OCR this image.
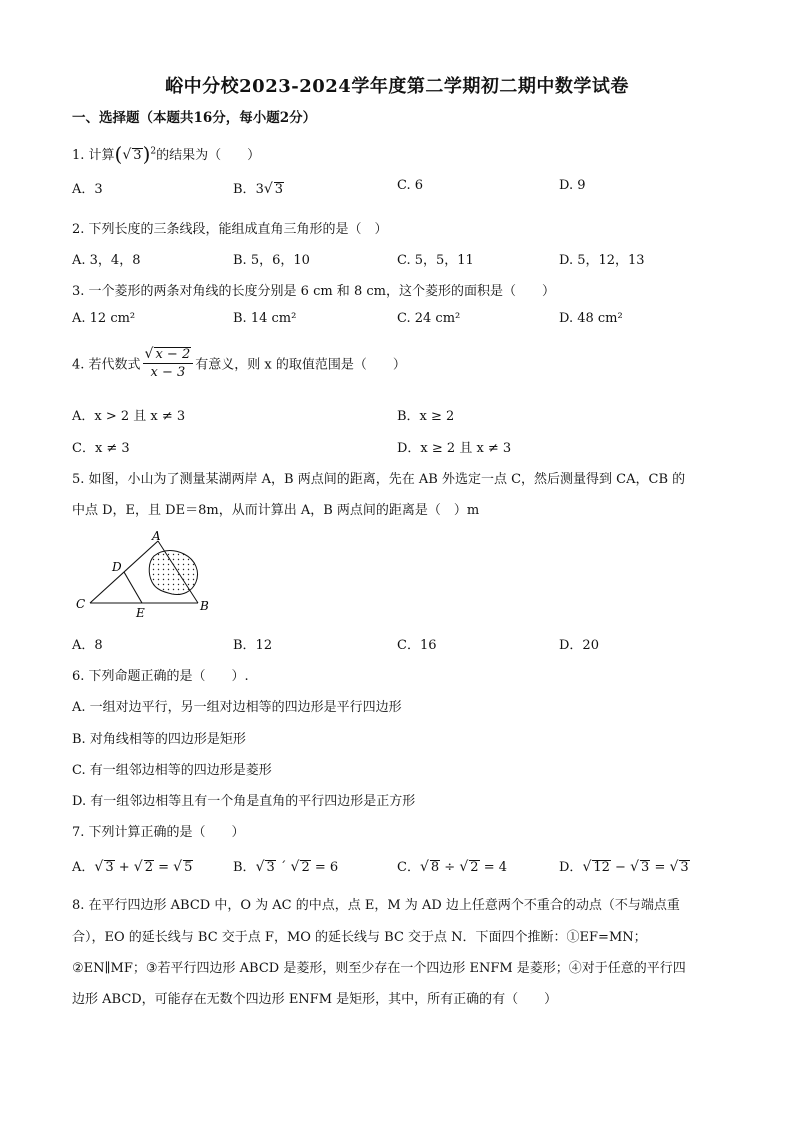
峪中分校2023-2024学年度第二学期初二期中数学试卷
一、选择题（本题共16分，每小题2分）
1. 计算(√ 3)$^2$的结果为（　　）
A．3	B．3√ 3	C. 6	D. 9
2. 下列长度的三条线段，能组成直角三角形的是（　）
A. 3，4，8	B. 5，6，10	C. 5，5，11	D. 5，12，13
3. 一个菱形的两条对角线的长度分别是 6 cm 和 8 cm，这个菱形的面积是（　　）
A. 12 cm²	B. 14 cm²	C. 24 cm²	D. 48 cm²
4. 若代数式 $\frac{√ x - 2}{x - 3}$ 有意义，则 x 的取值范围是（　　）
A．x > 2 且 x ≠ 3	B．x ≥ 2
C．x ≠ 3	D．x ≥ 2 且 x ≠ 3
5. 如图，小山为了测量某湖两岸 A，B 两点间的距离，先在 AB 外选定一点 C，然后测量得到 CA，CB 的
中点 D，E，且 DE＝8m，从而计算出 A，B 两点间的距离是（　）m
A
B
C
D
E
A．8	B．12	C．16	D．20
6. 下列命题正确的是（　　）.
A. 一组对边平行，另一组对边相等的四边形是平行四边形
B. 对角线相等的四边形是矩形
C. 有一组邻边相等的四边形是菱形
D. 有一组邻边相等且有一个角是直角的平行四边形是正方形
7. 下列计算正确的是（　　）
A．√ 3 + √ 2 = √ 5	B．√ 3 ´ √ 2 = 6	C．√ 8 ÷ √ 2 = 4	D．√ 12 − √ 3 = √ 3
8. 在平行四边形 ABCD 中，O 为 AC 的中点，点 E，M 为 AD 边上任意两个不重合的动点（不与端点重
合），EO 的延长线与 BC 交于点 F，MO 的延长线与 BC 交于点 N．下面四个推断：①EF=MN；
②EN∥MF；③若平行四边形 ABCD 是菱形，则至少存在一个四边形 ENFM 是菱形；④对于任意的平行四
边形 ABCD，可能存在无数个四边形 ENFM 是矩形，其中，所有正确的有（　　）
